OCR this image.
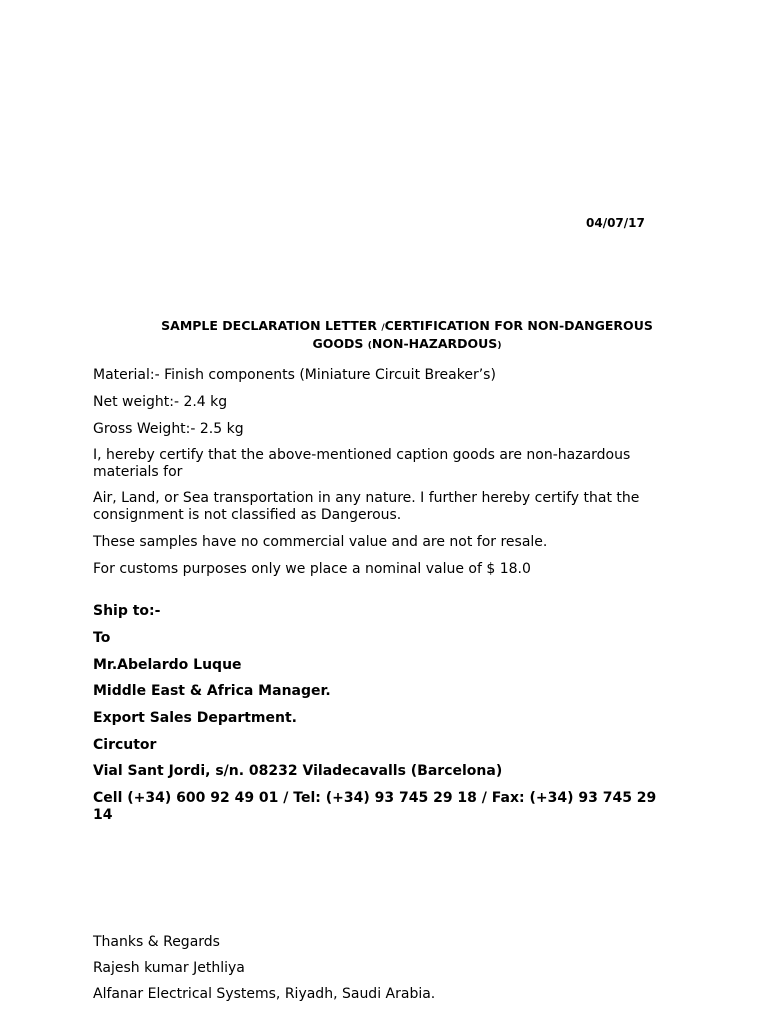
04/07/17
SAMPLE DECLARATION LETTER /CERTIFICATION FOR NON-DANGEROUS
GOODS (NON-HAZARDOUS)
Material:- Finish components (Miniature Circuit Breaker’s)
Net weight:- 2.4 kg
Gross Weight:- 2.5 kg
I, hereby certify that the above-mentioned caption goods are non-hazardous materials for
Air, Land, or Sea transportation in any nature. I further hereby certify that the consignment is not classified as Dangerous.
These samples have no commercial value and are not for resale.
For customs purposes only we place a nominal value of $ 18.0
Ship to:-
To
Mr.Abelardo Luque
Middle East & Africa Manager.
Export Sales Department.
Circutor
Vial Sant Jordi, s/n. 08232 Viladecavalls (Barcelona)
Cell (+34) 600 92 49 01 / Tel: (+34) 93 745 29 18 / Fax: (+34) 93 745 29 14
Thanks & Regards
Rajesh kumar Jethliya
Alfanar Electrical Systems, Riyadh, Saudi Arabia.
